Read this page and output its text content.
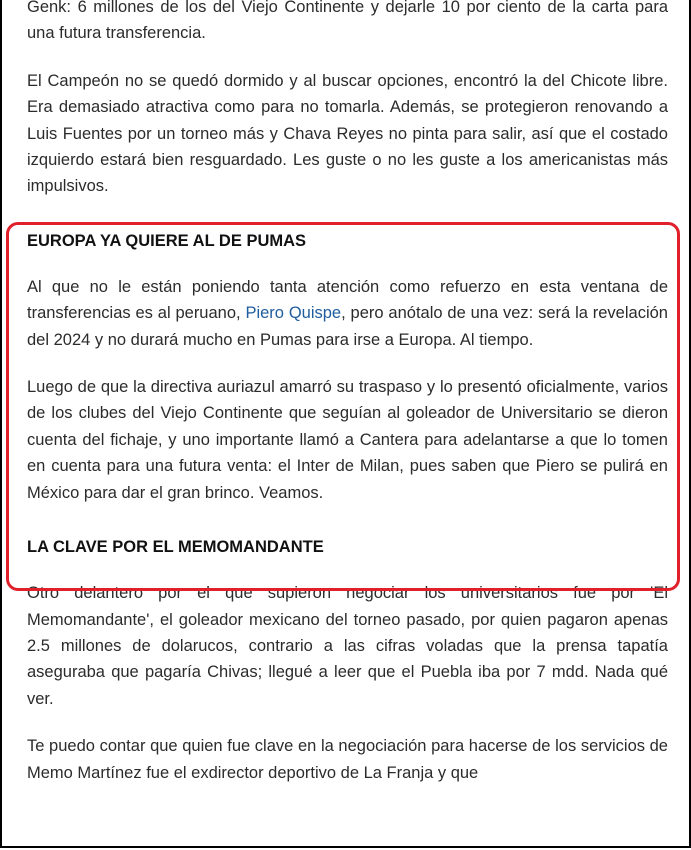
Genk: 6 millones de los del Viejo Continente y dejarle 10 por ciento de la carta para una futura transferencia.

El Campeón no se quedó dormido y al buscar opciones, encontró la del Chicote libre. Era demasiado atractiva como para no tomarla. Además, se protegieron renovando a Luis Fuentes por un torneo más y Chava Reyes no pinta para salir, así que el costado izquierdo estará bien resguardado. Les guste o no les guste a los americanistas más impulsivos.

EUROPA YA QUIERE AL DE PUMAS

Al que no le están poniendo tanta atención como refuerzo en esta ventana de transferencias es al peruano, Piero Quispe, pero anótalo de una vez: será la revelación del 2024 y no durará mucho en Pumas para irse a Europa. Al tiempo.

Luego de que la directiva auriazul amarró su traspaso y lo presentó oficialmente, varios de los clubes del Viejo Continente que seguían al goleador de Universitario se dieron cuenta del fichaje, y uno importante llamó a Cantera para adelantarse a que lo tomen en cuenta para una futura venta: el Inter de Milan, pues saben que Piero se pulirá en México para dar el gran brinco. Veamos.

LA CLAVE POR EL MEMOMANDANTE

Otro delantero por el que supieron negociar los universitarios fue por 'El Memomandante', el goleador mexicano del torneo pasado, por quien pagaron apenas 2.5 millones de dolarucos, contrario a las cifras voladas que la prensa tapatía aseguraba que pagaría Chivas; llegué a leer que el Puebla iba por 7 mdd. Nada qué ver.

Te puedo contar que quien fue clave en la negociación para hacerse de los servicios de Memo Martínez fue el exdirector deportivo de La Franja y que
